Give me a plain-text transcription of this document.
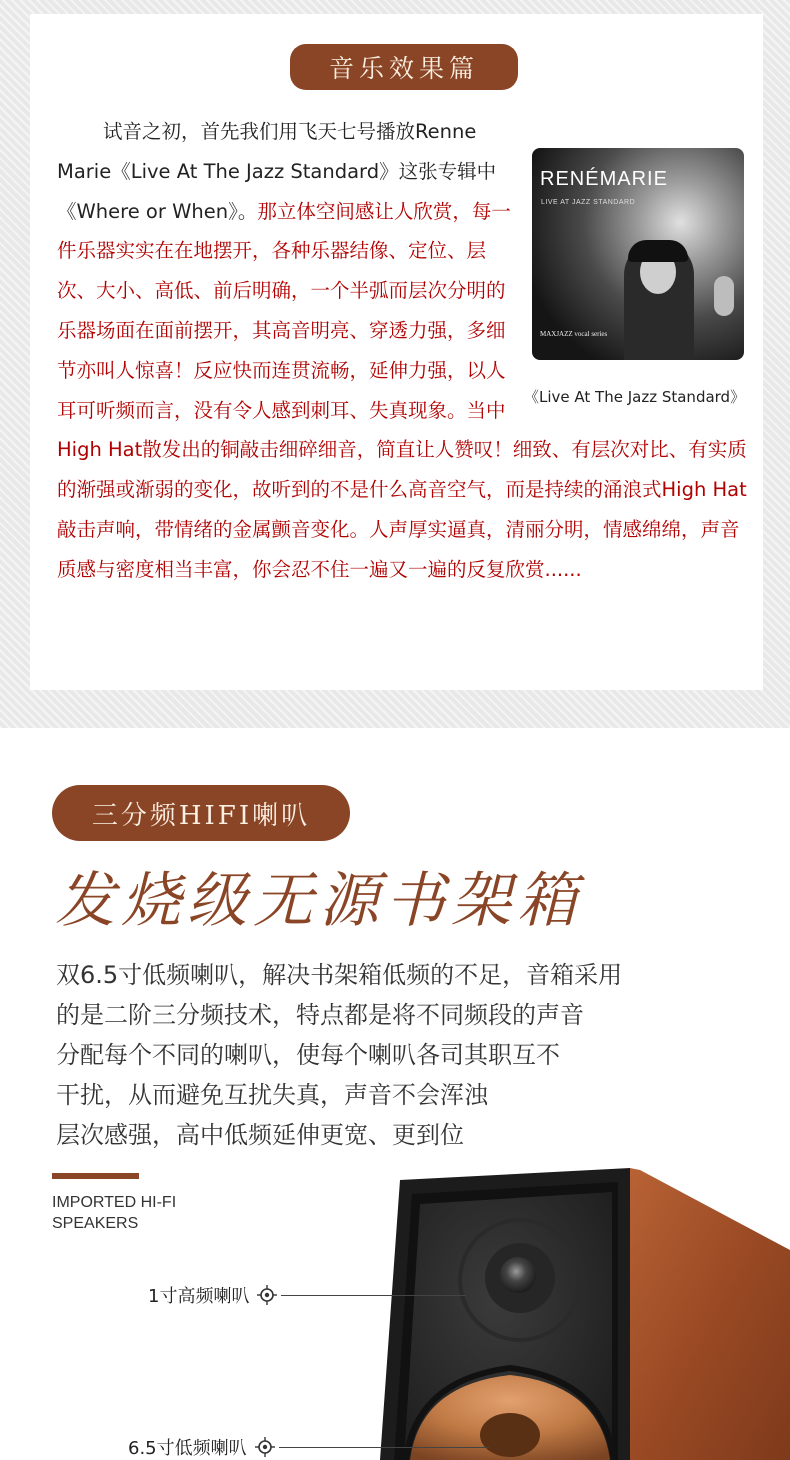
音乐效果篇
RENÉMARIE
LIVE AT JAZZ STANDARD
MAXJAZZ vocal series
《Live At The Jazz Standard》
试音之初，首先我们用飞天七号播放Renne Marie《Live At The Jazz Standard》这张专辑中《Where or When》。那立体空间感让人欣赏，每一件乐器实实在在地摆开，各种乐器结像、定位、层次、大小、高低、前后明确，一个半弧而层次分明的乐器场面在面前摆开，其高音明亮、穿透力强，多细节亦叫人惊喜！反应快而连贯流畅，延伸力强，以人耳可听频而言，没有令人感到刺耳、失真现象。当中High Hat散发出的铜敲击细碎细音，简直让人赞叹！细致、有层次对比、有实质的渐强或渐弱的变化，故听到的不是什么高音空气，而是持续的涌浪式High Hat敲击声响，带情绪的金属颤音变化。人声厚实逼真，清丽分明，情感绵绵，声音质感与密度相当丰富，你会忍不住一遍又一遍的反复欣赏......
三分频HIFI喇叭
发烧级无源书架箱
双6.5寸低频喇叭，解决书架箱低频的不足，音箱采用
的是二阶三分频技术，特点都是将不同频段的声音
分配每个不同的喇叭，使每个喇叭各司其职互不
干扰，从而避免互扰失真，声音不会浑浊
层次感强，高中低频延伸更宽、更到位
IMPORTED HI-FI SPEAKERS
1寸高频喇叭
6.5寸低频喇叭
